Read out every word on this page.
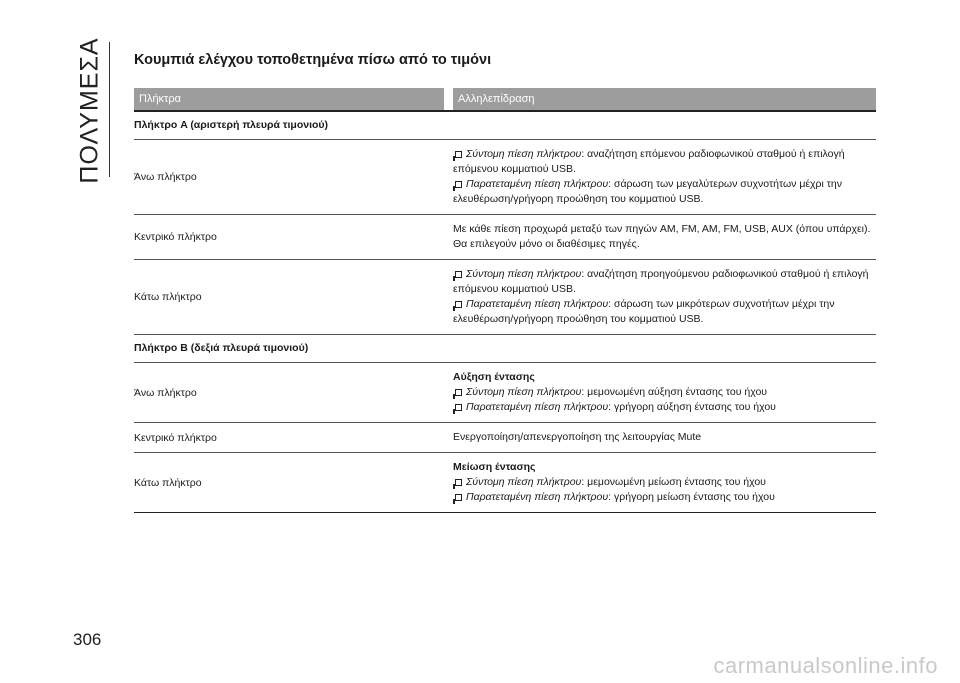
ΠΟΛΥΜΕΣΑ
306
carmanualsonline.info
Κουμπιά ελέγχου τοποθετημένα πίσω από το τιμόνι
Πλήκτρα	Αλληλεπίδραση
Πλήκτρο A (αριστερή πλευρά τιμονιού)
Άνω πλήκτρο

Σύντομη πίεση πλήκτρου: αναζήτηση επόμενου ραδιοφωνικού σταθμού ή επιλογή επόμενου κομματιού USB.

Παρατεταμένη πίεση πλήκτρου: σάρωση των μεγαλύτερων συχνοτήτων μέχρι την ελευθέρωση/γρήγορη προώθηση του κομματιού USB.

Κεντρικό πλήκτρο

Με κάθε πίεση προχωρά μεταξύ των πηγών AM, FM, AM, FM, USB, AUX (όπου υπάρχει). Θα επιλεγούν μόνο οι διαθέσιμες πηγές.

Κάτω πλήκτρο

Σύντομη πίεση πλήκτρου: αναζήτηση προηγούμενου ραδιοφωνικού σταθμού ή επιλογή επόμενου κομματιού USB.

Παρατεταμένη πίεση πλήκτρου: σάρωση των μικρότερων συχνοτήτων μέχρι την ελευθέρωση/γρήγορη προώθηση του κομματιού USB.

Πλήκτρο B (δεξιά πλευρά τιμονιού)
Άνω πλήκτρο

Αύξηση έντασης

Σύντομη πίεση πλήκτρου: μεμονωμένη αύξηση έντασης του ήχου

Παρατεταμένη πίεση πλήκτρου: γρήγορη αύξηση έντασης του ήχου

Κεντρικό πλήκτρο	Ενεργοποίηση/απενεργοποίηση της λειτουργίας Mute

Κάτω πλήκτρο

Μείωση έντασης

Σύντομη πίεση πλήκτρου: μεμονωμένη μείωση έντασης του ήχου

Παρατεταμένη πίεση πλήκτρου: γρήγορη μείωση έντασης του ήχου
